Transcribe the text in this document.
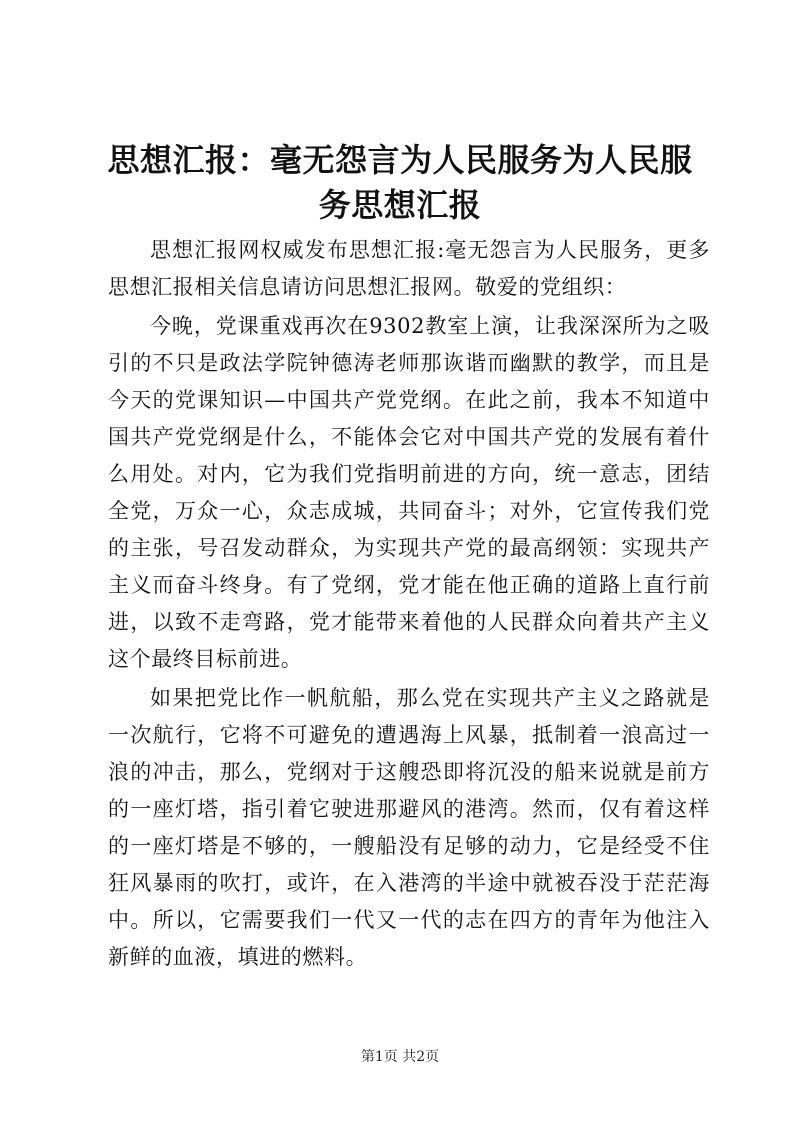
思想汇报：毫无怨言为人民服务为人民服务思想汇报

思想汇报网权威发布思想汇报:毫无怨言为人民服务，更多思想汇报相关信息请访问思想汇报网。敬爱的党组织：

今晚，党课重戏再次在9302教室上演，让我深深所为之吸引的不只是政法学院钟德涛老师那诙谐而幽默的教学，而且是今天的党课知识—中国共产党党纲。在此之前，我本不知道中国共产党党纲是什么，不能体会它对中国共产党的发展有着什么用处。对内，它为我们党指明前进的方向，统一意志，团结全党，万众一心，众志成城，共同奋斗；对外，它宣传我们党的主张，号召发动群众，为实现共产党的最高纲领：实现共产主义而奋斗终身。有了党纲，党才能在他正确的道路上直行前进，以致不走弯路，党才能带来着他的人民群众向着共产主义这个最终目标前进。

如果把党比作一帆航船，那么党在实现共产主义之路就是一次航行，它将不可避免的遭遇海上风暴，抵制着一浪高过一浪的冲击，那么，党纲对于这艘恐即将沉没的船来说就是前方的一座灯塔，指引着它驶进那避风的港湾。然而，仅有着这样的一座灯塔是不够的，一艘船没有足够的动力，它是经受不住狂风暴雨的吹打，或许，在入港湾的半途中就被吞没于茫茫海中。所以，它需要我们一代又一代的志在四方的青年为他注入新鲜的血液，填进的燃料。

第1页 共2页
